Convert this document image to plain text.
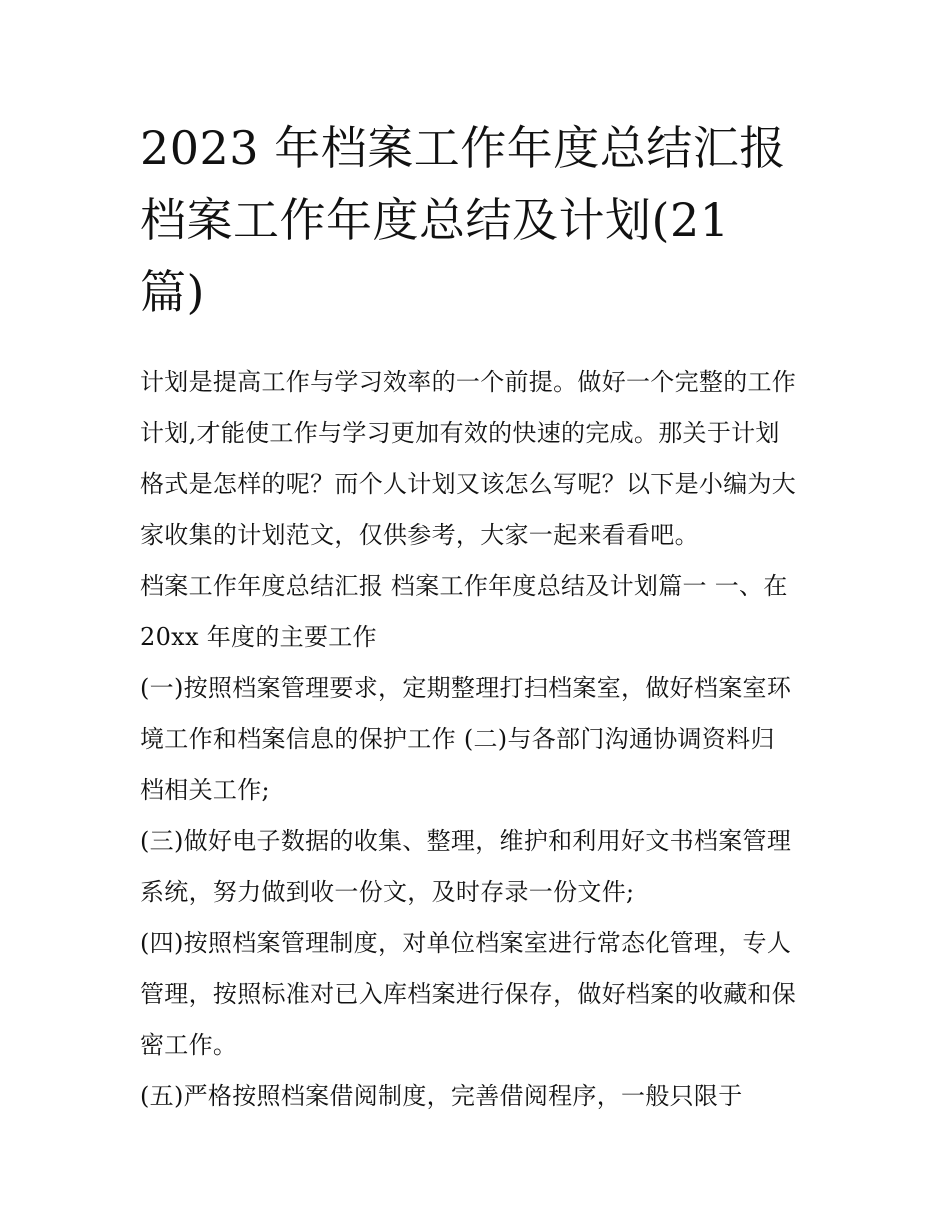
2023 年档案工作年度总结汇报
档案工作年度总结及计划(21
篇)
计划是提高工作与学习效率的一个前提。做好一个完整的工作
计划,才能使工作与学习更加有效的快速的完成。那关于计划
格式是怎样的呢？而个人计划又该怎么写呢？以下是小编为大
家收集的计划范文，仅供参考，大家一起来看看吧。
档案工作年度总结汇报 档案工作年度总结及计划篇一 一、在
20xx 年度的主要工作
(一)按照档案管理要求，定期整理打扫档案室，做好档案室环
境工作和档案信息的保护工作 (二)与各部门沟通协调资料归
档相关工作;
(三)做好电子数据的收集、整理，维护和利用好文书档案管理
系统，努力做到收一份文，及时存录一份文件;
(四)按照档案管理制度，对单位档案室进行常态化管理，专人
管理，按照标准对已入库档案进行保存，做好档案的收藏和保
密工作。
(五)严格按照档案借阅制度，完善借阅程序，一般只限于
